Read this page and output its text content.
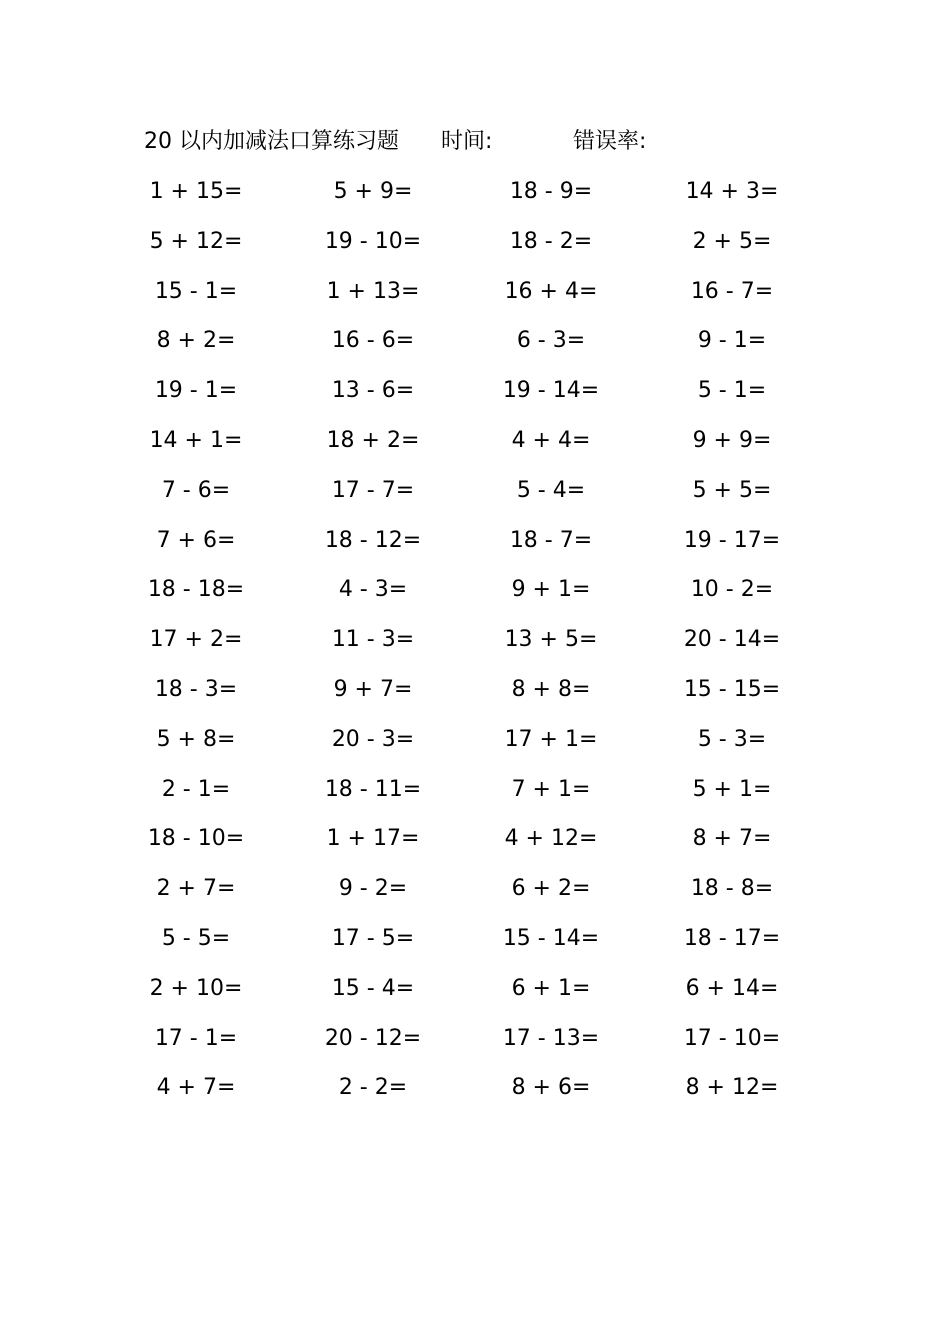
20 以内加减法口算练习题 时间:	错误率:
1 + 15=	5 + 9=	18 - 9=	14 + 3=
5 + 12=	19 - 10=	18 - 2=	2 + 5=
15 - 1=	1 + 13=	16 + 4=	16 - 7=
8 + 2=	16 - 6=	6 - 3=	9 - 1=
19 - 1=	13 - 6=	19 - 14=	5 - 1=
14 + 1=	18 + 2=	4 + 4=	9 + 9=
7 - 6=	17 - 7=	5 - 4=	5 + 5=
7 + 6=	18 - 12=	18 - 7=	19 - 17=
18 - 18=	4 - 3=	9 + 1=	10 - 2=
17 + 2=	11 - 3=	13 + 5=	20 - 14=
18 - 3=	9 + 7=	8 + 8=	15 - 15=
5 + 8=	20 - 3=	17 + 1=	5 - 3=
2 - 1=	18 - 11=	7 + 1=	5 + 1=
18 - 10=	1 + 17=	4 + 12=	8 + 7=
2 + 7=	9 - 2=	6 + 2=	18 - 8=
5 - 5=	17 - 5=	15 - 14=	18 - 17=
2 + 10=	15 - 4=	6 + 1=	6 + 14=
17 - 1=	20 - 12=	17 - 13=	17 - 10=
4 + 7=	2 - 2=	8 + 6=	8 + 12=
